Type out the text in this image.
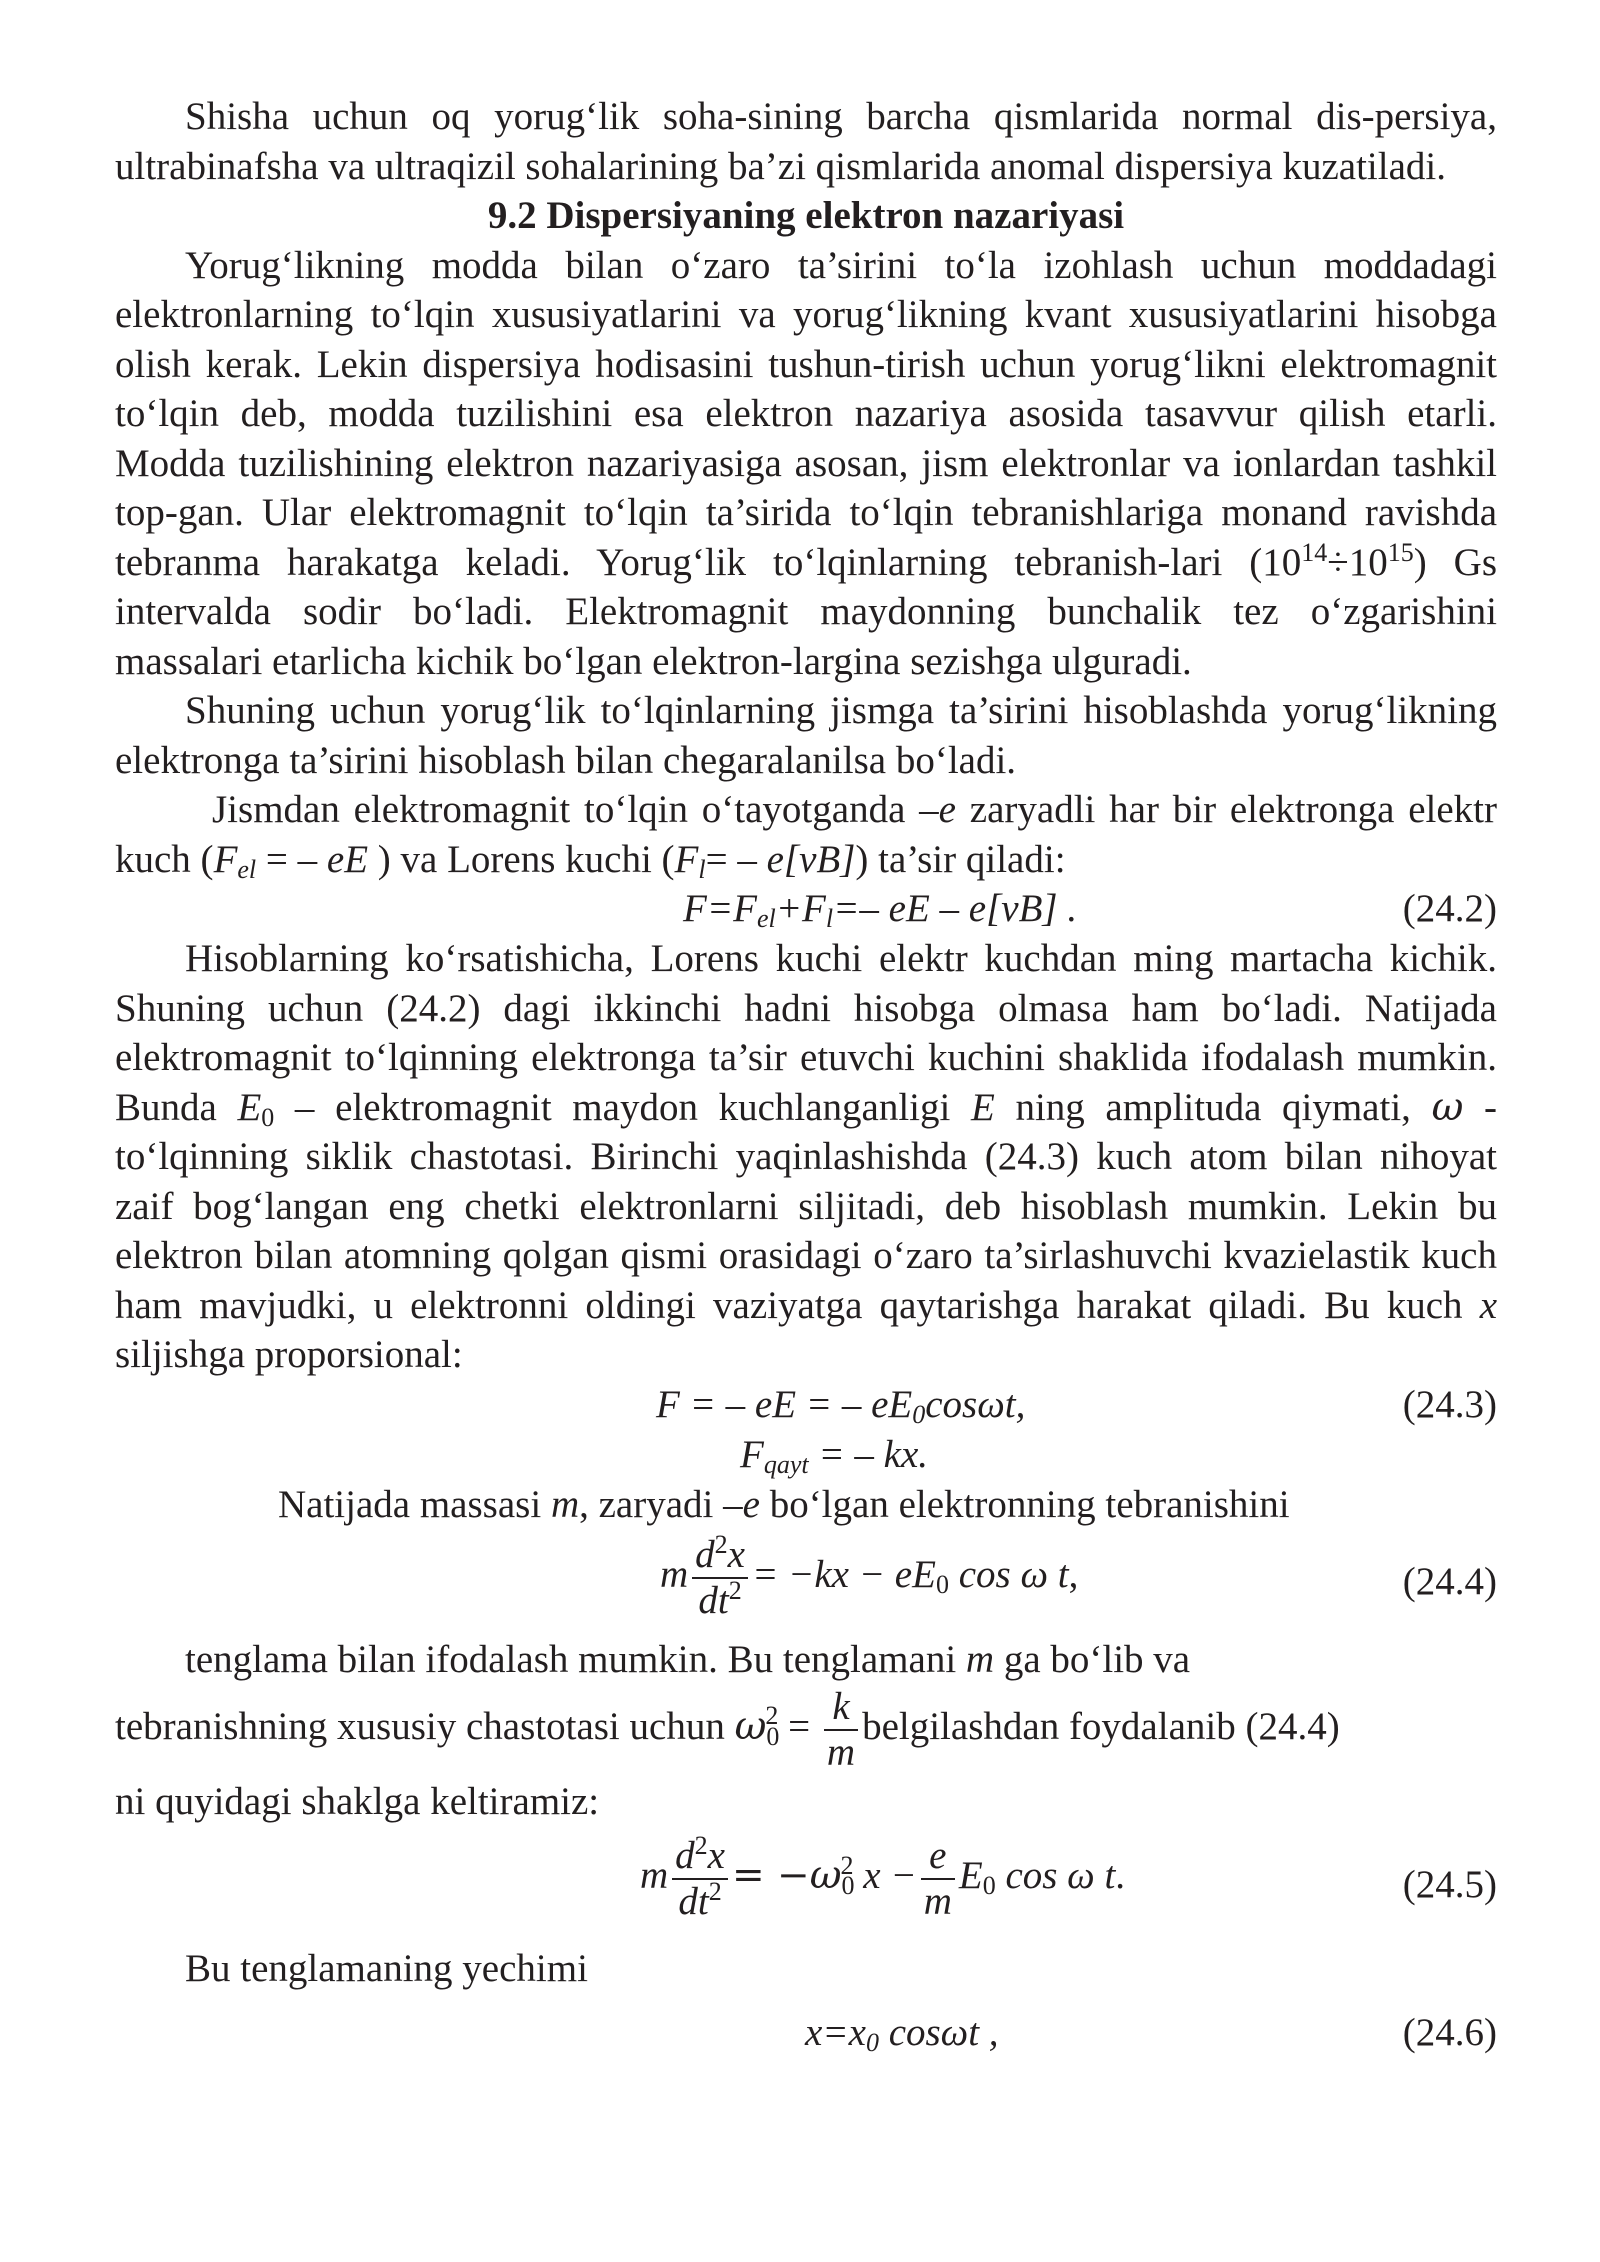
Shisha uchun oq yorug‘lik soha-sining barcha qismlarida normal dis-persiya, ultrabinafsha va ultraqizil sohalarining ba’zi qismlarida anomal dispersiya kuzatiladi.

9.2 Dispersiyaning elektron nazariyasi

Yorug‘likning modda bilan o‘zaro ta’sirini to‘la izohlash uchun moddadagi elektronlarning to‘lqin xususiyatlarini va yorug‘likning kvant xususiyatlarini hisobga olish kerak. Lekin dispersiya hodisasini tushun-tirish uchun yorug‘likni elektromagnit to‘lqin deb, modda tuzilishini esa elektron nazariya asosida tasavvur qilish etarli. Modda tuzilishining elektron nazariyasiga asosan, jism elektronlar va ionlardan tashkil top-gan. Ular elektromagnit to‘lqin ta’sirida to‘lqin tebranishlariga monand ravishda tebranma harakatga keladi. Yorug‘lik to‘lqinlarning tebranish-lari $(10^{14}\div 10^{15})$ Gs intervalda sodir bo‘ladi. Elektromagnit maydonning bunchalik tez o‘zgarishini massalari etarlicha kichik bo‘lgan elektron-largina sezishga ulguradi.

Shuning uchun yorug‘lik to‘lqinlarning jismga ta’sirini hisoblashda yorug‘likning elektronga ta’sirini hisoblash bilan chegaralanilsa bo‘ladi.

Jismdan elektromagnit to‘lqin o‘tayotganda –e zaryadli har bir elektronga elektr kuch ($F_{el}$ = – eE ) va Lorens kuchi $(F_l= - e[vB])$ ta’sir qiladi:

$F=F_{el}+F_l=-$ eE – e[vB] .	(24.2)

Hisoblarning ko‘rsatishicha, Lorens kuchi elektr kuchdan ming martacha kichik. Shuning uchun (24.2) dagi ikkinchi hadni hisobga olmasa ham bo‘ladi. Natijada elektromagnit to‘lqinning elektronga ta’sir etuvchi kuchini shaklida ifodalash mumkin. Bunda $E_0$ – elektromagnit maydon kuchlanganligi E ning amplituda qiymati, ω - to‘lqinning siklik chastotasi. Birinchi yaqinlashishda (24.3) kuch atom bilan nihoyat zaif bog‘langan eng chetki elektronlarni siljitadi, deb hisoblash mumkin. Lekin bu elektron bilan atomning qolgan qismi orasidagi o‘zaro ta’sirlashuvchi kvazielastik kuch ham mavjudki, u elektronni oldingi vaziyatga qaytarishga harakat qiladi. Bu kuch x siljishga proporsional:

F = – eE = – $eE_0\cos\omega t$,	(24.3)
$F_{qayt}$ = – kx.

Natijada massasi m, zaryadi –e bo‘lgan elektronning tebranishini

m $\frac{d^2x}{dt^2} = -kx - eE_0$ cos ω t,	(24.4)

tenglama bilan ifodalash mumkin. Bu tenglamani m ga bo‘lib va

tebranishning xususiy chastotasi uchun $\omega_0^2 = \frac{k}{m}$ belgilashdan foydalanib (24.4)

ni quyidagi shaklga keltiramiz:

m $\frac{d^2x}{dt^2} = -\omega_0^2$ $x - \frac{e}{m} E_0$ cos ω t.	(24.5)

Bu tenglamaning yechimi

$x=x_0$ cosωt ,	(24.6)
